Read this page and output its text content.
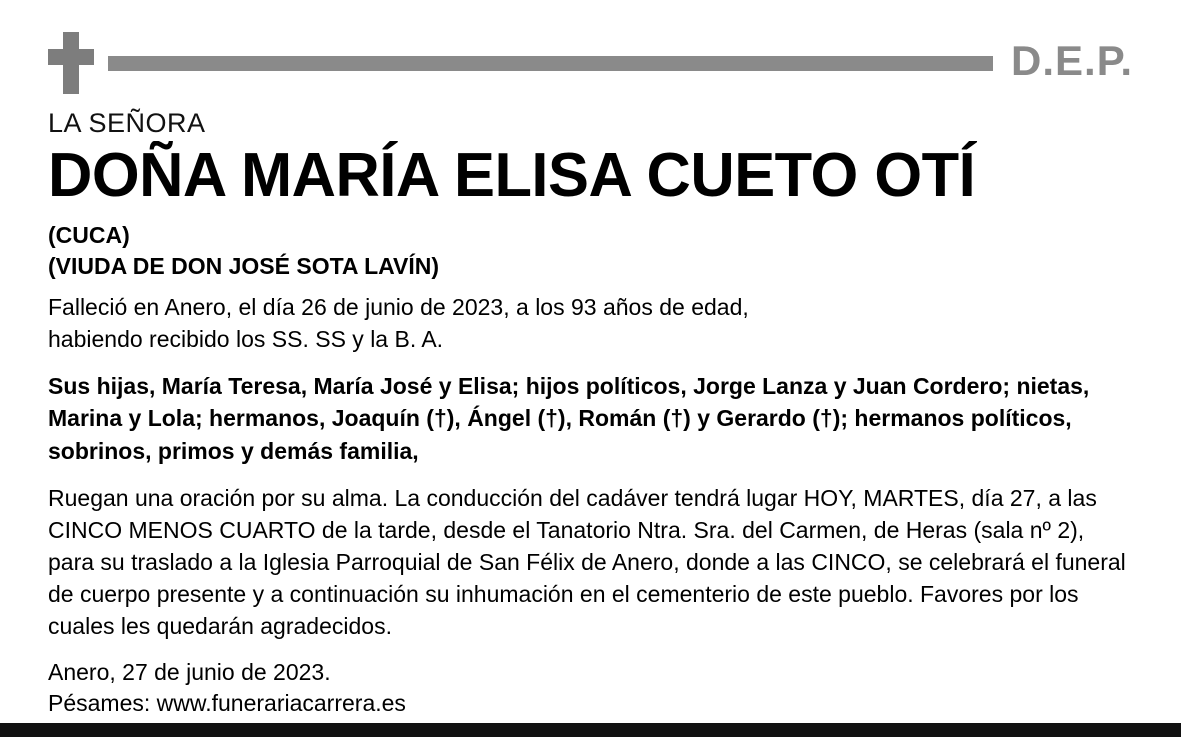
D.E.P.
LA SEÑORA
DOÑA MARÍA ELISA CUETO OTÍ
(CUCA)
(VIUDA DE DON JOSÉ SOTA LAVÍN)
Falleció en Anero, el día 26 de junio de 2023, a los 93 años de edad,
habiendo recibido los SS. SS y la B. A.
Sus hijas, María Teresa, María José y Elisa; hijos políticos, Jorge Lanza y Juan Cordero; nietas, Marina y Lola; hermanos, Joaquín (†), Ángel (†), Román (†) y Gerardo (†); hermanos políticos, sobrinos, primos y demás familia,
Ruegan una oración por su alma. La conducción del cadáver tendrá lugar HOY, MARTES, día 27, a las CINCO MENOS CUARTO de la tarde, desde el Tanatorio Ntra. Sra. del Carmen, de Heras (sala nº 2), para su traslado a la Iglesia Parroquial de San Félix de Anero, donde a las CINCO, se celebrará el funeral de cuerpo presente y a continuación su inhumación en el cementerio de este pueblo. Favores por los cuales les quedarán agradecidos.
Anero, 27 de junio de 2023.
Pésames: www.funerariacarrera.es
